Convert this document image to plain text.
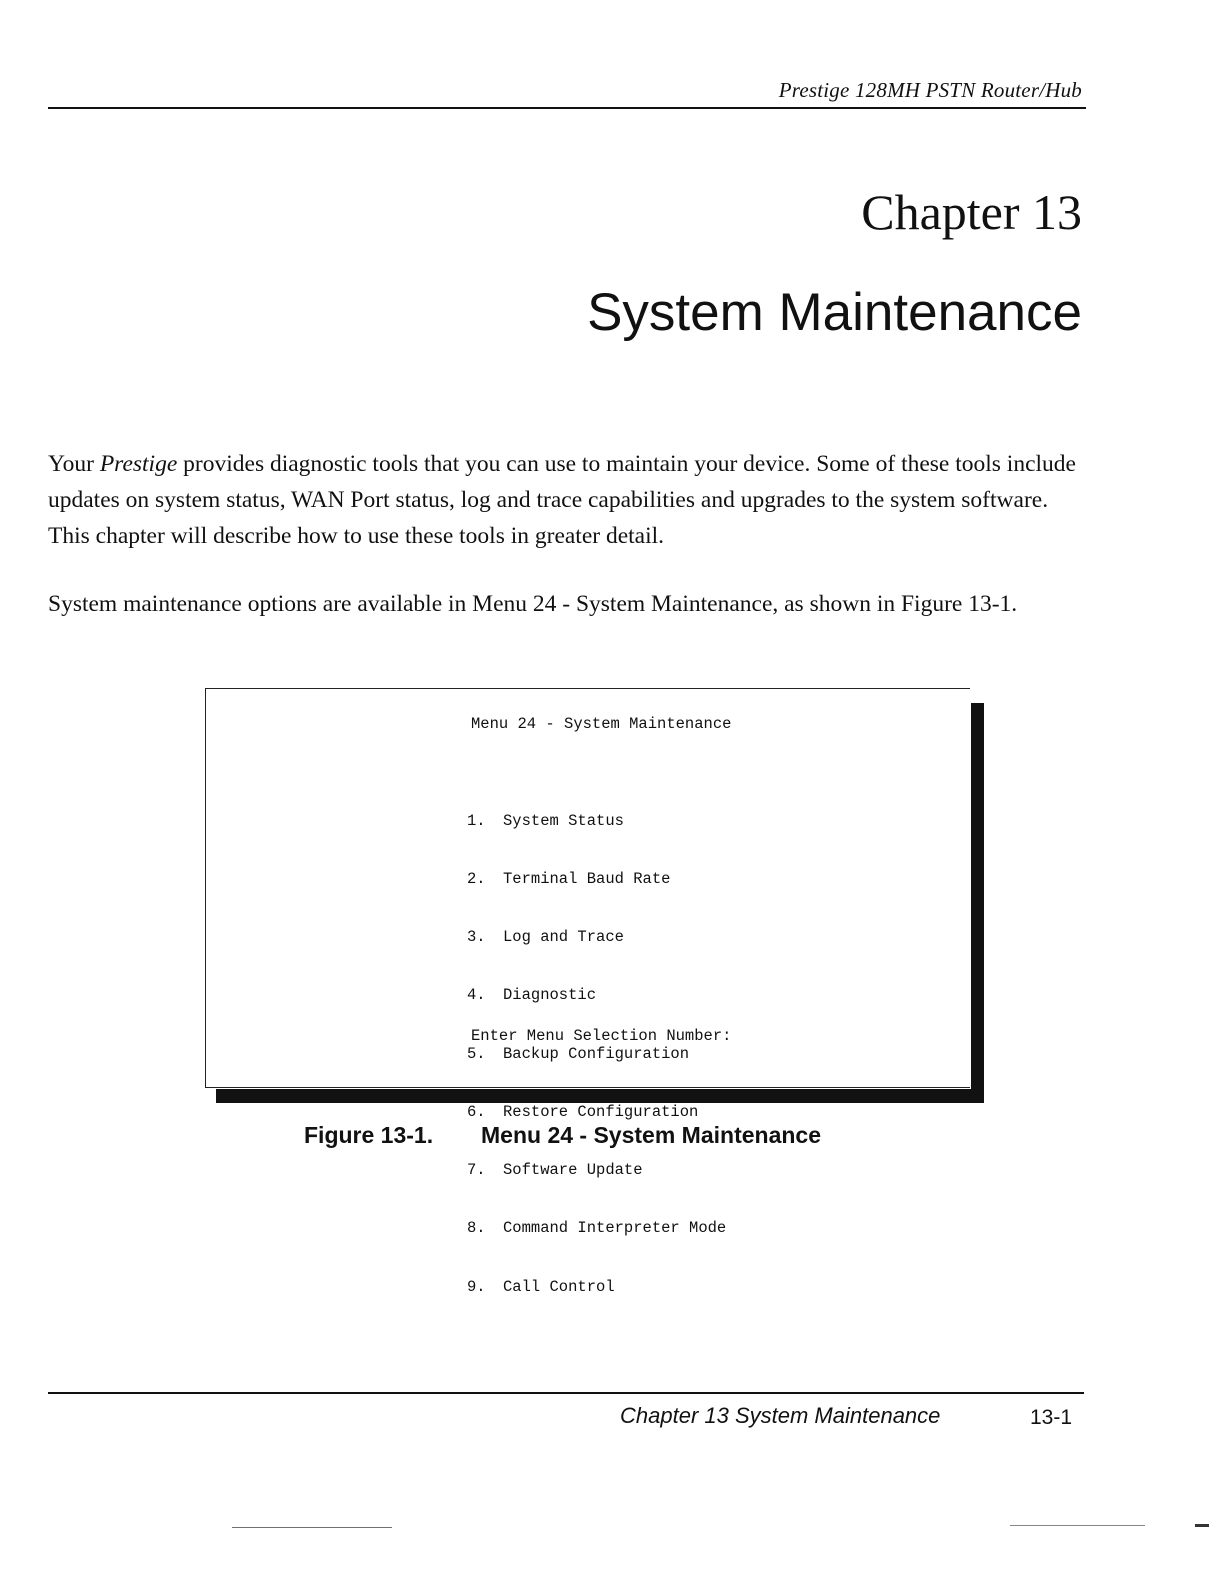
Prestige 128MH PSTN Router/Hub
Chapter 13
System Maintenance

Your Prestige provides diagnostic tools that you can use to maintain your device. Some of these tools include updates on system status, WAN Port status, log and trace capabilities and upgrades to the system software. This chapter will describe how to use these tools in greater detail.

System maintenance options are available in Menu 24 - System Maintenance, as shown in Figure 13-1.

Menu 24 - System Maintenance

1. System Status

2. Terminal Baud Rate

3. Log and Trace

4. Diagnostic

5. Backup Configuration

6. Restore Configuration

7. Software Update

8. Command Interpreter Mode

9. Call Control

Enter Menu Selection Number:

Figure 13-1. Menu 24 - System Maintenance
Chapter 13 System Maintenance	13-1
